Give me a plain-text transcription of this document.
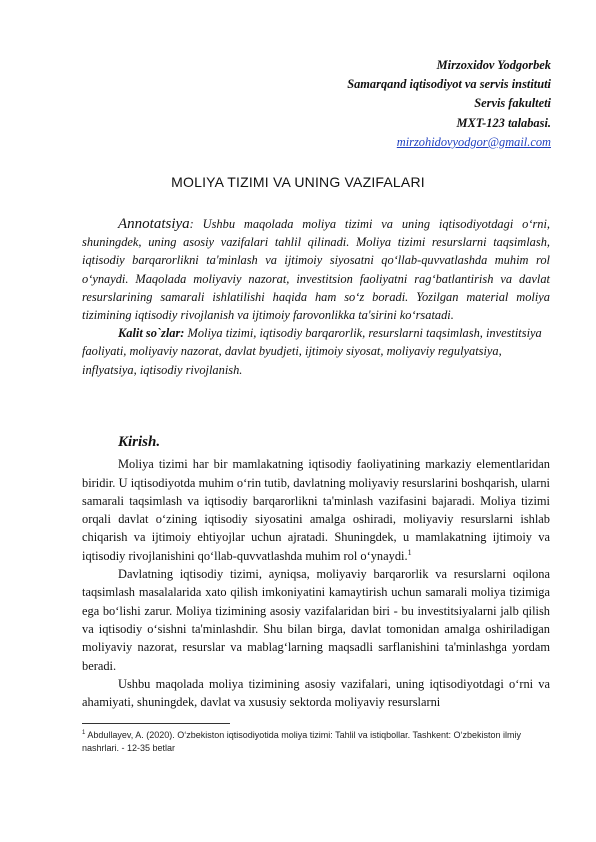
Mirzoxidov Yodgorbek
Samarqand iqtisodiyot va servis instituti
Servis fakulteti
MXT-123 talabasi.
mirzohidovyodgor@gmail.com
MOLIYA TIZIMI VA UNING VAZIFALARI

Annotatsiya: Ushbu maqolada moliya tizimi va uning iqtisodiyotdagi o‘rni, shuningdek, uning asosiy vazifalari tahlil qilinadi. Moliya tizimi resurslarni taqsimlash, iqtisodiy barqarorlikni ta'minlash va ijtimoiy siyosatni qo‘llab-quvvatlashda muhim rol o‘ynaydi. Maqolada moliyaviy nazorat, investitsion faoliyatni rag‘batlantirish va davlat resurslarining samarali ishlatilishi haqida ham so‘z boradi. Yozilgan material moliya tizimining iqtisodiy rivojlanish va ijtimoiy farovonlikka ta'sirini ko‘rsatadi.

Kalit so`zlar: Moliya tizimi, iqtisodiy barqarorlik, resurslarni taqsimlash, investitsiya faoliyati, moliyaviy nazorat, davlat byudjeti, ijtimoiy siyosat, moliyaviy regulyatsiya, inflyatsiya, iqtisodiy rivojlanish.

Kirish.

Moliya tizimi har bir mamlakatning iqtisodiy faoliyatining markaziy elementlaridan biridir. U iqtisodiyotda muhim o‘rin tutib, davlatning moliyaviy resurslarini boshqarish, ularni samarali taqsimlash va iqtisodiy barqarorlikni ta'minlash vazifasini bajaradi. Moliya tizimi orqali davlat o‘zining iqtisodiy siyosatini amalga oshiradi, moliyaviy resurslarni ishlab chiqarish va ijtimoiy ehtiyojlar uchun ajratadi. Shuningdek, u mamlakatning ijtimoiy va iqtisodiy rivojlanishini qo‘llab-quvvatlashda muhim rol o‘ynaydi.$^1$

Davlatning iqtisodiy tizimi, ayniqsa, moliyaviy barqarorlik va resurslarni oqilona taqsimlash masalalarida xato qilish imkoniyatini kamaytirish uchun samarali moliya tizimiga ega bo‘lishi zarur. Moliya tizimining asosiy vazifalaridan biri - bu investitsiyalarni jalb qilish va iqtisodiy o‘sishni ta'minlashdir. Shu bilan birga, davlat tomonidan amalga oshiriladigan moliyaviy nazorat, resurslar va mablag‘larning maqsadli sarflanishini ta'minlashga yordam beradi.

Ushbu maqolada moliya tizimining asosiy vazifalari, uning iqtisodiyotdagi o‘rni va ahamiyati, shuningdek, davlat va xususiy sektorda moliyaviy resurslarni

$^1$ Abdullayev, A. (2020). O‘zbekiston iqtisodiyotida moliya tizimi: Tahlil va istiqbollar. Tashkent: O‘zbekiston ilmiy nashrlari. - 12-35 betlar
